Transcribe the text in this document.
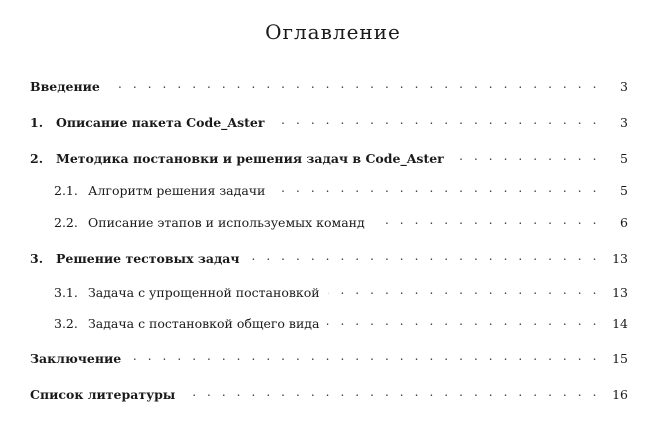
Оглавление
Введение . . .	3
1.	Описание пакета Code_Aster . . .	3
2.	Методика постановки и решения задач в Code_Aster . . .	5
2.1. Алгоритм решения задачи . . .	5
2.2. Описание этапов и используемых команд . . .	6
3.	Решение тестовых задач . . .	13
3.1. Задача с упрощенной постановкой . . .	13
3.2. Задача с постановкой общего вида . . .	14
Заключение . . .	15
Список литературы . . .	16
